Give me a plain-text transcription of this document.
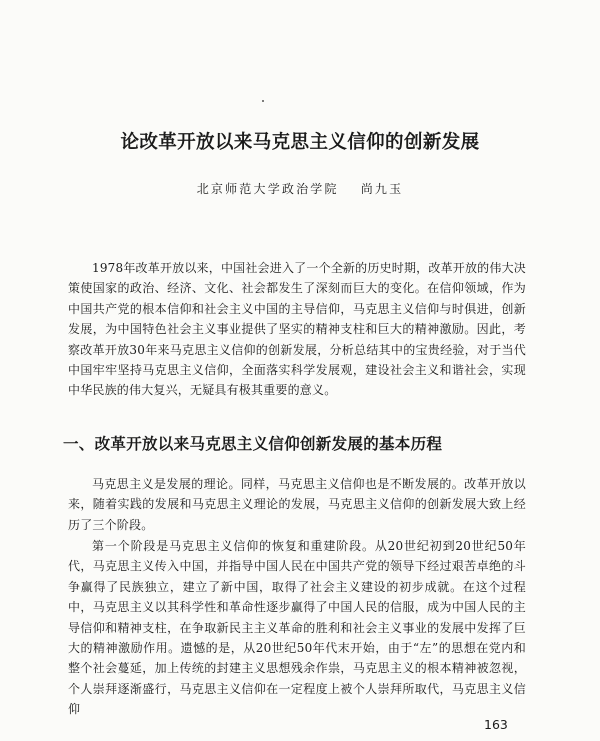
论改革开放以来马克思主义信仰的创新发展
北京师范大学政治学院 尚九玉

1978年改革开放以来，中国社会进入了一个全新的历史时期，改革开放的伟大决策使国家的政治、经济、文化、社会都发生了深刻而巨大的变化。在信仰领域，作为中国共产党的根本信仰和社会主义中国的主导信仰，马克思主义信仰与时俱进，创新发展，为中国特色社会主义事业提供了坚实的精神支柱和巨大的精神激励。因此，考察改革开放30年来马克思主义信仰的创新发展，分析总结其中的宝贵经验，对于当代中国牢牢坚持马克思主义信仰，全面落实科学发展观，建设社会主义和谐社会，实现中华民族的伟大复兴，无疑具有极其重要的意义。

一、改革开放以来马克思主义信仰创新发展的基本历程

马克思主义是发展的理论。同样，马克思主义信仰也是不断发展的。改革开放以来，随着实践的发展和马克思主义理论的发展，马克思主义信仰的创新发展大致上经历了三个阶段。

第一个阶段是马克思主义信仰的恢复和重建阶段。从20世纪初到20世纪50年代，马克思主义传入中国，并指导中国人民在中国共产党的领导下经过艰苦卓绝的斗争赢得了民族独立，建立了新中国，取得了社会主义建设的初步成就。在这个过程中，马克思主义以其科学性和革命性逐步赢得了中国人民的信服，成为中国人民的主导信仰和精神支柱，在争取新民主主义革命的胜利和社会主义事业的发展中发挥了巨大的精神激励作用。遗憾的是，从20世纪50年代末开始，由于“左”的思想在党内和整个社会蔓延，加上传统的封建主义思想残余作祟，马克思主义的根本精神被忽视，个人崇拜逐渐盛行，马克思主义信仰在一定程度上被个人崇拜所取代，马克思主义信仰

163
